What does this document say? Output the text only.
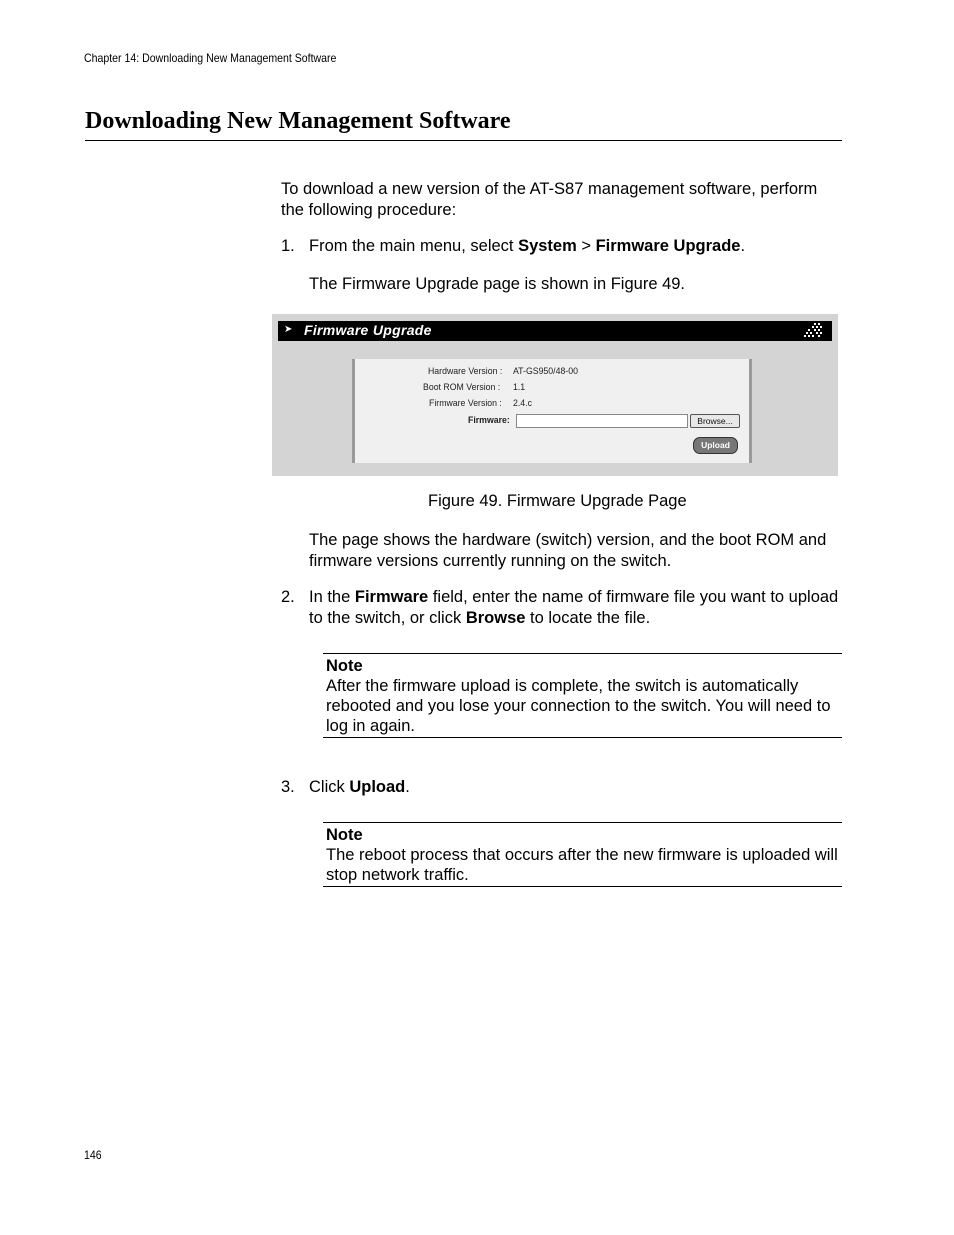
Chapter 14: Downloading New Management Software
Downloading New Management Software
To download a new version of the AT-S87 management software, perform the following procedure:
1. From the main menu, select System > Firmware Upgrade.
The Firmware Upgrade page is shown in Figure 49.
➤ Firmware Upgrade
Hardware Version : AT-GS950/48-00
Boot ROM Version : 1.1
Firmware Version : 2.4.c
Firmware:	Browse...
Upload
Figure 49. Firmware Upgrade Page
The page shows the hardware (switch) version, and the boot ROM and firmware versions currently running on the switch.
2. In the Firmware field, enter the name of firmware file you want to upload to the switch, or click Browse to locate the file.
Note
After the firmware upload is complete, the switch is automatically rebooted and you lose your connection to the switch. You will need to log in again.
3. Click Upload.
Note
The reboot process that occurs after the new firmware is uploaded will stop network traffic.
146
